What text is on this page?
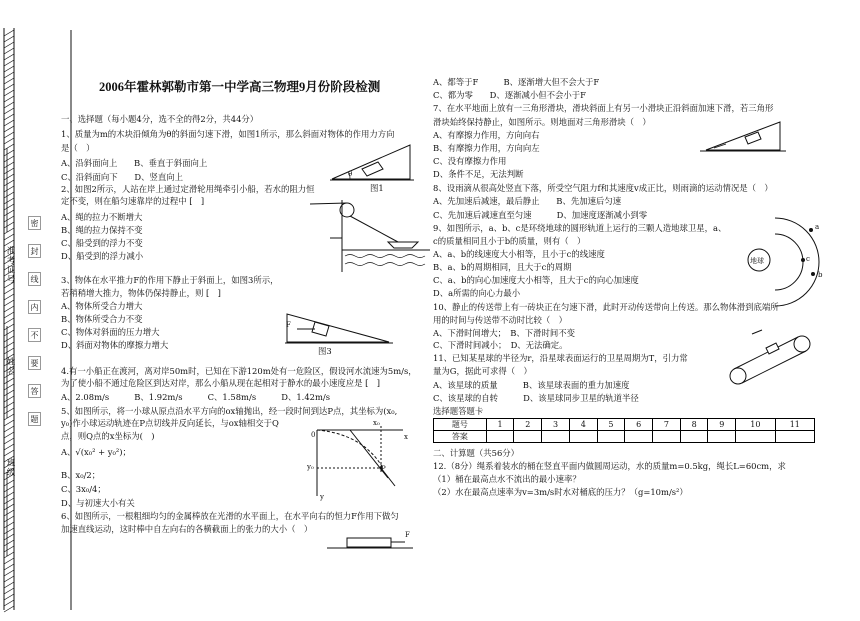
准考证号
姓名
班级
密
封
线
内
不
要
答
题
2006年霍林郭勒市第一中学高三物理9月份阶段检测
一、选择题（每小题4分，选不全的得2分，共44分）
1、质量为m的木块沿倾角为θ的斜面匀速下滑，如图1所示，那么斜面对物体的作用力方向
是（　）
A、沿斜面向上　　B、垂直于斜面向上
C、沿斜面向下　　D、竖直向上
2、如图2所示，人站在岸上通过定滑轮用绳牵引小船，若水的阻力恒
定不变，则在船匀速靠岸的过程中 [　]
A、绳的拉力不断增大
B、绳的拉力保持不变
C、船受到的浮力不变
D、船受到的浮力减小
3、物体在水平推力F的作用下静止于斜面上，如图3所示，
若稍稍增大推力，物体仍保持静止，则 [　]
A、物体所受合力增大
B、物体所受合力不变
C、物体对斜面的压力增大
D、斜面对物体的摩擦力增大
4.有一小船正在渡河，离对岸50m时，已知在下游120m处有一危险区，假设河水流速为5m/s，
为了使小船不通过危险区到达对岸，那么小船从现在起相对于静水的最小速度应是 [　]
A、2.08m/s　　　B、1.92m/s　　　C、1.58m/s　　　D、1.42m/s
5、如图所示，将一小球从原点沿水平方向的ox轴抛出，经一段时间到达P点，其坐标为(x₀,
y₀)作小球运动轨迹在P点切线并反向延长，与ox轴相交于Q
点，则Q点的x坐标为(　)
A、√(x₀² + y₀²)；
B、x₀/2；
C、3x₀/4；
D、与初速大小有关
6、如图所示，一根粗细均匀的金属棒放在光滑的水平面上，在水平向右的恒力F作用下做匀
加速直线运动，这时棒中自左向右的各横截面上的张力的大小（　）
A、都等于F　　　B、逐渐增大但不会大于F
C、都为零　　D、逐渐减小但不会小于F
7、在水平地面上放有一三角形滑块，滑块斜面上有另一小滑块正沿斜面加速下滑，若三角形
滑块始终保持静止，如图所示。则地面对三角形滑块（　）
A、有摩擦力作用，方向向右
B、有摩擦力作用，方向向左
C、没有摩擦力作用
D、条件不足，无法判断
8、设雨滴从很高处竖直下落，所受空气阻力f和其速度v成正比，则雨滴的运动情况是（　）
A、先加速后减速，最后静止　　B、先加速后匀速
C、先加速后减速直至匀速　　　D、加速度逐渐减小到零
9、如图所示，a、b、c是环绕地球的圆形轨道上运行的三颗人造地球卫星，a、
c的质量相同且小于b的质量，则有（　）
A、a、b的线速度大小相等，且小于c的线速度
B、a、b的周期相同，且大于c的周期
C、a、b的向心加速度大小相等，且大于c的向心加速度
D、a所需的向心力最小
10、静止的传送带上有一砖块正在匀速下滑，此时开动传送带向上传送。那么物体滑到底端所
用的时间与传送带不动时比较（　）
A、下滑时间增大；　B、下滑时间不变
C、下滑时间减小；　D、无法确定。
11、已知某星球的半径为r，沿星球表面运行的卫星周期为T，引力常
量为G，据此可求得（　）
A、该星球的质量　　　B、该星球表面的重力加速度
C、该星球的自转　　　D、该星球同步卫星的轨道半径
选择题答题卡
题号	1	2	3	4	5	6	7	8	9	10	11
答案											
二、计算题（共56分）
12.（8分）绳系着装水的桶在竖直平面内做圆周运动，水的质量m=0.5kg，绳长L=60cm，求
（1）桶在最高点水不流出的最小速率？
（2）水在最高点速率为v=3m/s时水对桶底的压力？（g=10m/s²）
θ
图1
F
图3
x₀
0
y₀	P
x
y
F
地球
a
c
b
